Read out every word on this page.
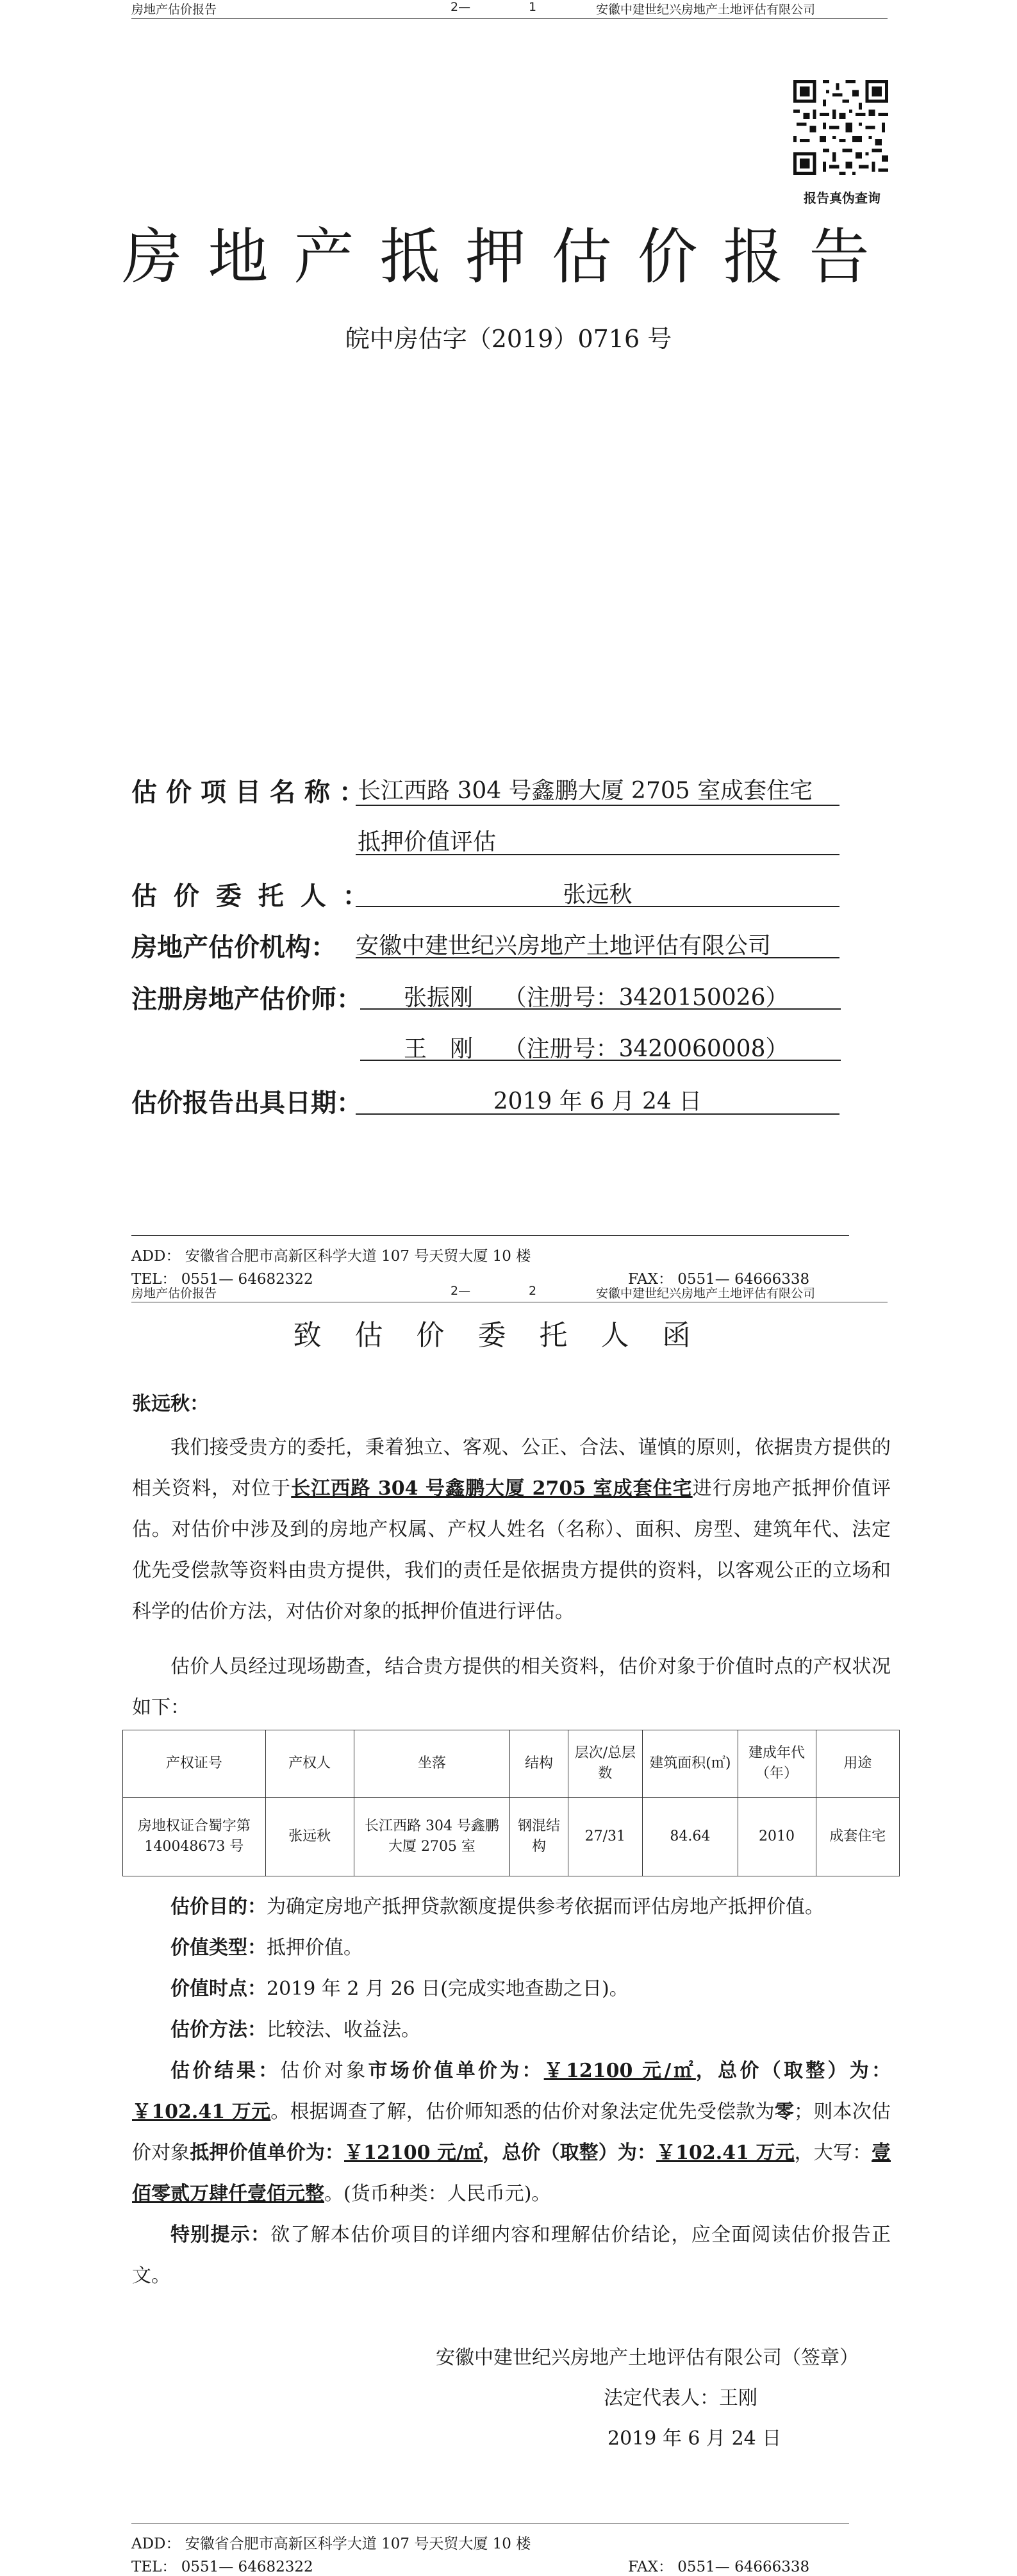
房地产估价报告	2—	1	安徽中建世纪兴房地产土地评估有限公司
报告真伪查询
房地产抵押估价报告
皖中房估字（2019）0716 号
估价项目名称：
长江西路 304 号鑫鹏大厦 2705 室成套住宅
抵押价值评估
估 价 委 托 人 ：	张远秋
房地产估价机构： 安徽中建世纪兴房地产土地评估有限公司
注册房地产估价师： 张振刚　 （注册号：3420150026）
王　刚　 （注册号：3420060008）
估价报告出具日期：	2019 年 6 月 24 日
ADD： 安徽省合肥市高新区科学大道 107 号天贸大厦 10 楼
TEL： 0551— 64682322	FAX： 0551— 64666338
房地产估价报告	2—	2	安徽中建世纪兴房地产土地评估有限公司
致估价委托人函
张远秋：
我们接受贵方的委托，秉着独立、客观、公正、合法、谨慎的原则，依据贵方提供的相关资料，对位于长江西路 304 号鑫鹏大厦 2705 室成套住宅进行房地产抵押价值评估。对估价中涉及到的房地产权属、产权人姓名（名称）、面积、房型、建筑年代、法定优先受偿款等资料由贵方提供，我们的责任是依据贵方提供的资料，以客观公正的立场和科学的估价方法，对估价对象的抵押价值进行评估。
估价人员经过现场勘查，结合贵方提供的相关资料，估价对象于价值时点的产权状况如下：
产权证号	产权人	坐落	结构	层次/总层数	建筑面积(㎡)	建成年代（年）	用途
房地权证合蜀字第 140048673 号	张远秋	长江西路 304 号鑫鹏大厦 2705 室	钢混结构	27/31	84.64	2010	成套住宅
估价目的：为确定房地产抵押贷款额度提供参考依据而评估房地产抵押价值。
价值类型：抵押价值。
价值时点：2019 年 2 月 26 日(完成实地查勘之日)。
估价方法：比较法、收益法。
估价结果：估价对象市场价值单价为：￥12100 元/㎡，总价（取整）为：￥102.41 万元。根据调查了解，估价师知悉的估价对象法定优先受偿款为零；则本次估价对象抵押价值单价为：￥12100 元/㎡，总价（取整）为：￥102.41 万元，大写：壹佰零贰万肆仟壹佰元整。(货币种类：人民币元)。
特别提示：欲了解本估价项目的详细内容和理解估价结论，应全面阅读估价报告正文。
安徽中建世纪兴房地产土地评估有限公司（签章）
法定代表人：王刚
2019 年 6 月 24 日
ADD： 安徽省合肥市高新区科学大道 107 号天贸大厦 10 楼
TEL： 0551— 64682322	FAX： 0551— 64666338
